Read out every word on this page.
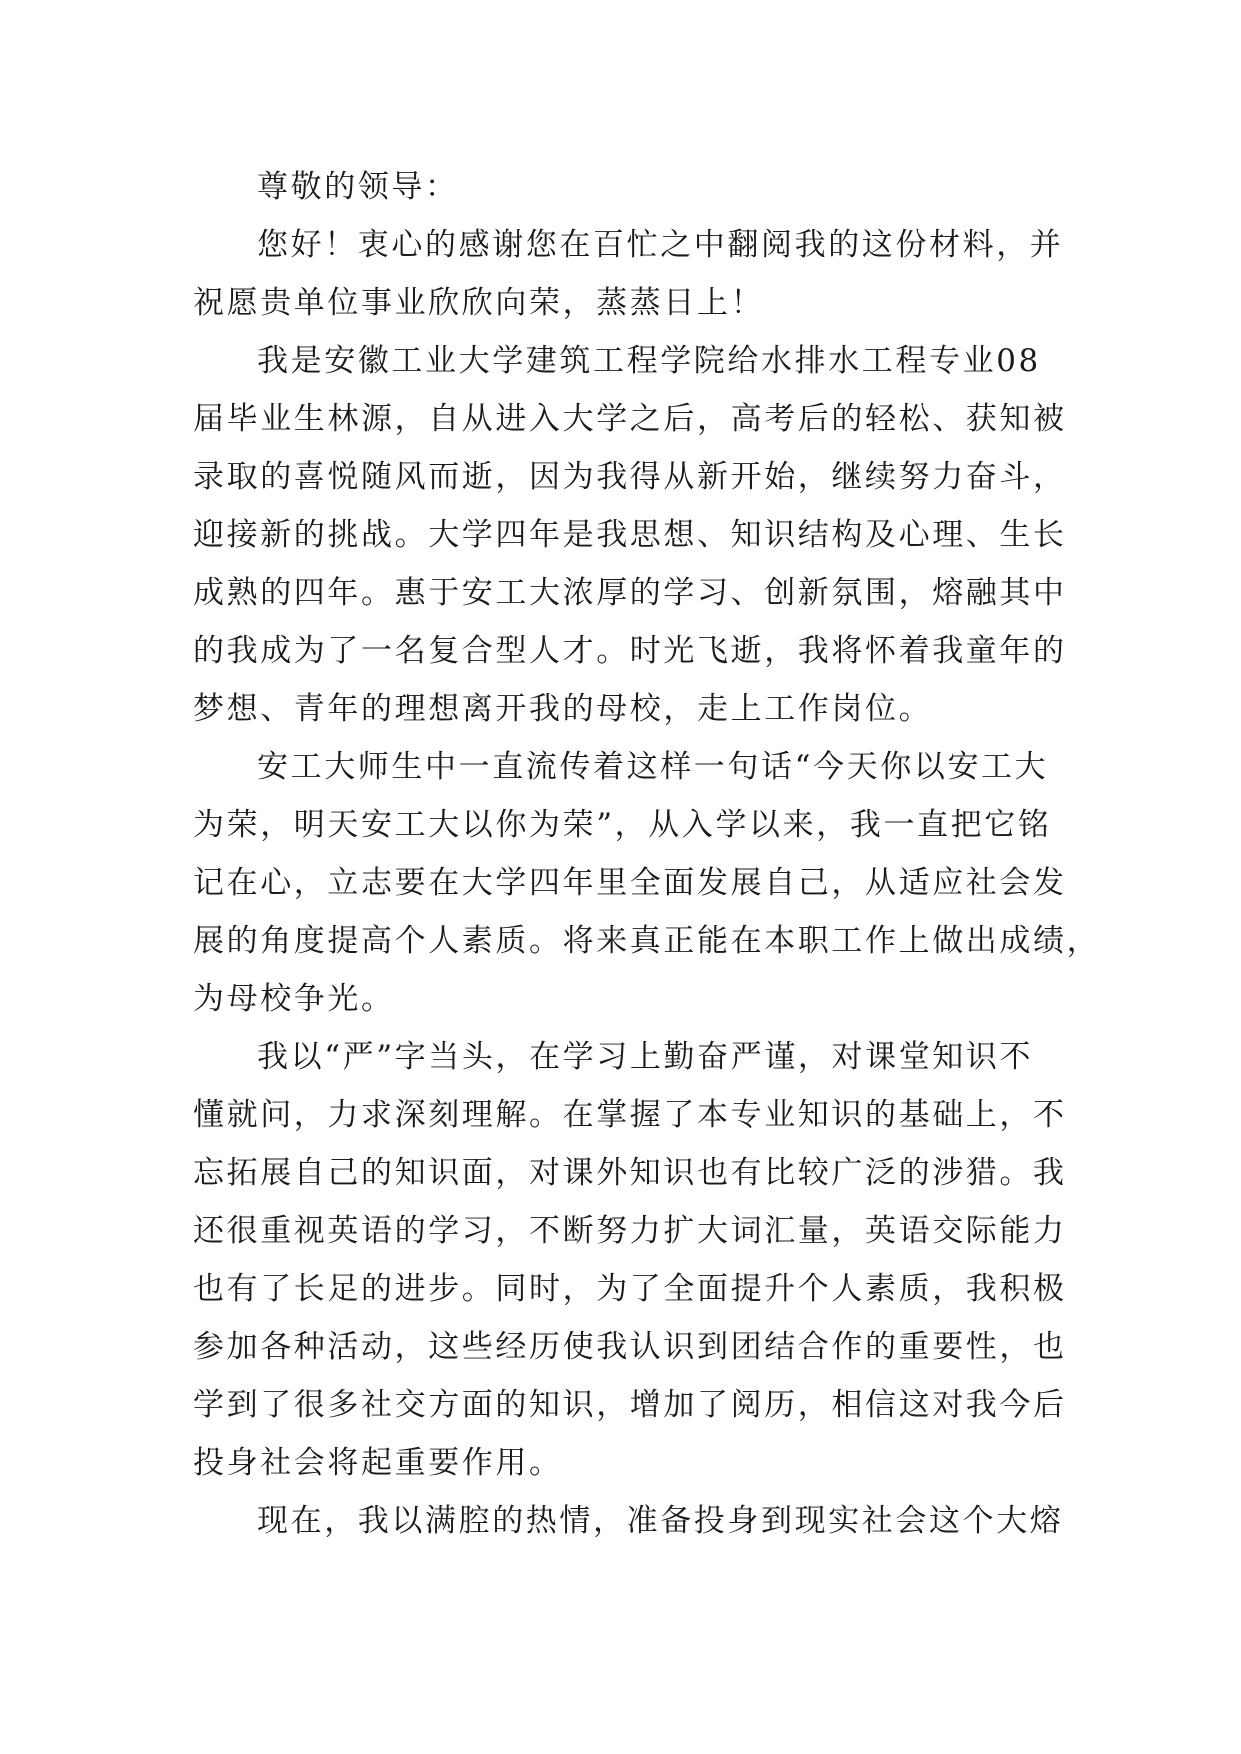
尊敬的领导：
您好！衷心的感谢您在百忙之中翻阅我的这份材料，并
祝愿贵单位事业欣欣向荣，蒸蒸日上！
我是安徽工业大学建筑工程学院给水排水工程专业08
届毕业生林源，自从进入大学之后，高考后的轻松、获知被
录取的喜悦随风而逝，因为我得从新开始，继续努力奋斗，
迎接新的挑战。大学四年是我思想、知识结构及心理、生长
成熟的四年。惠于安工大浓厚的学习、创新氛围，熔融其中
的我成为了一名复合型人才。时光飞逝，我将怀着我童年的
梦想、青年的理想离开我的母校，走上工作岗位。
安工大师生中一直流传着这样一句话“今天你以安工大
为荣，明天安工大以你为荣”，从入学以来，我一直把它铭
记在心，立志要在大学四年里全面发展自己，从适应社会发
展的角度提高个人素质。将来真正能在本职工作上做出成绩，
为母校争光。
我以“严”字当头，在学习上勤奋严谨，对课堂知识不
懂就问，力求深刻理解。在掌握了本专业知识的基础上，不
忘拓展自己的知识面，对课外知识也有比较广泛的涉猎。我
还很重视英语的学习，不断努力扩大词汇量，英语交际能力
也有了长足的进步。同时，为了全面提升个人素质，我积极
参加各种活动，这些经历使我认识到团结合作的重要性，也
学到了很多社交方面的知识，增加了阅历，相信这对我今后
投身社会将起重要作用。
现在，我以满腔的热情，准备投身到现实社会这个大熔
